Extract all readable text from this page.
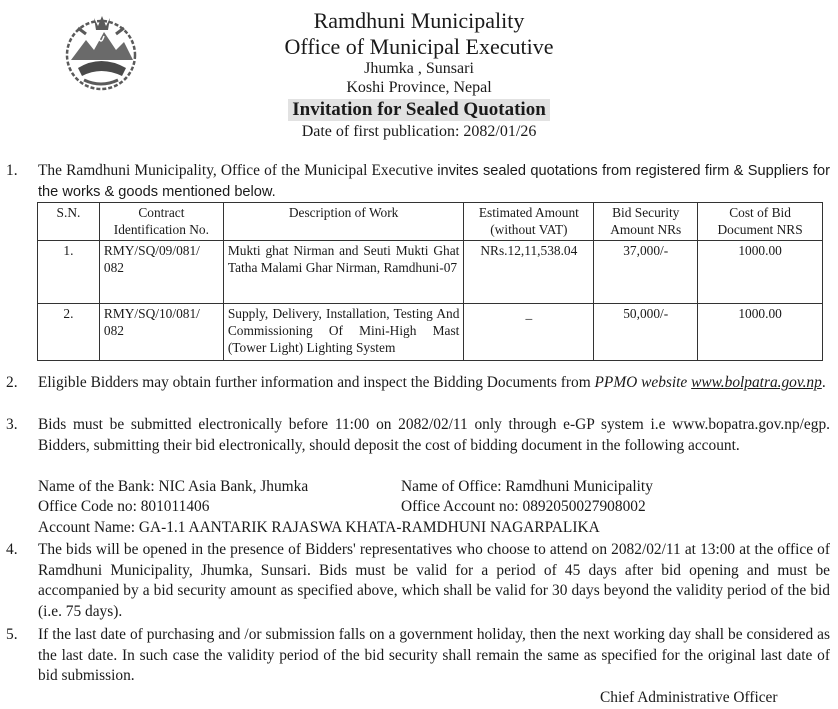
Ramdhuni Municipality
Office of Municipal Executive
Jhumka , Sunsari
Koshi Province, Nepal
Invitation for Sealed Quotation
Date of first publication: 2082/01/26
1. The Ramdhuni Municipality, Office of the Municipal Executive invites sealed quotations from registered firm & Suppliers for the works & goods mentioned below.
S.N.	Contract Identification No.	Description of Work	Estimated Amount (without VAT)	Bid Security Amount NRs	Cost of Bid Document NRS
1.	RMY/SQ/09/081/ 082	Mukti ghat Nirman and Seuti Mukti Ghat Tatha Malami Ghar Nirman, Ramdhuni-07	NRs.12,11,538.04	37,000/-	1000.00
2.	RMY/SQ/10/081/ 082	Supply, Delivery, Installation, Testing And Commissioning Of Mini-High Mast (Tower Light) Lighting System	_	50,000/-	1000.00
2. Eligible Bidders may obtain further information and inspect the Bidding Documents from PPMO website www.bolpatra.gov.np.
3. Bids must be submitted electronically before 11:00 on 2082/02/11 only through e-GP system i.e www.bopatra.gov.np/egp. Bidders, submitting their bid electronically, should deposit the cost of bidding document in the following account.
Name of the Bank: NIC Asia Bank, Jhumka	Name of Office: Ramdhuni Municipality
Office Code no: 801011406	Office Account no: 0892050027908002
Account Name: GA-1.1 AANTARIK RAJASWA KHATA-RAMDHUNI NAGARPALIKA
4. The bids will be opened in the presence of Bidders' representatives who choose to attend on 2082/02/11 at 13:00 at the office of Ramdhuni Municipality, Jhumka, Sunsari. Bids must be valid for a period of 45 days after bid opening and must be accompanied by a bid security amount as specified above, which shall be valid for 30 days beyond the validity period of the bid (i.e. 75 days).
5. If the last date of purchasing and /or submission falls on a government holiday, then the next working day shall be considered as the last date. In such case the validity period of the bid security shall remain the same as specified for the original last date of bid submission.
Chief Administrative Officer
